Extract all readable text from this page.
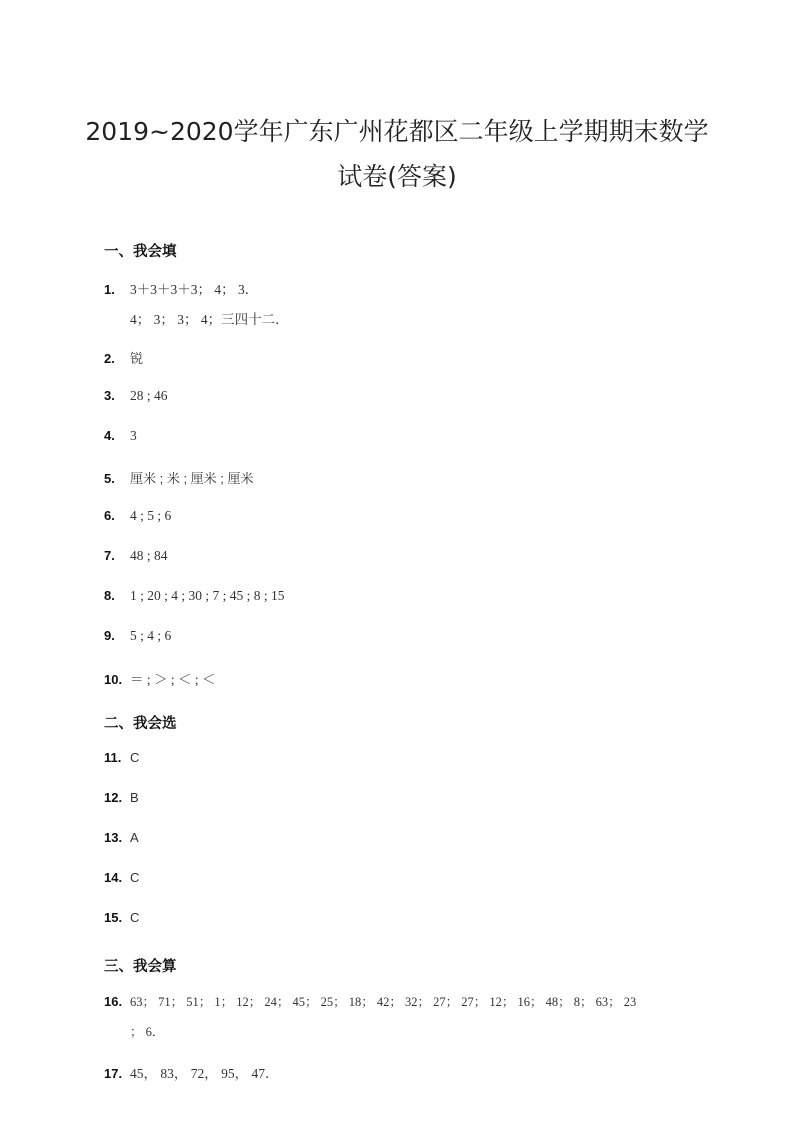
2019~2020学年广东广州花都区二年级上学期期末数学
试卷(答案)
一、我会填
1. 3＋3＋3＋3； 4； 3．
4； 3； 3； 4；三四十二．
2. 锐
3. 28 ; 46
4. 3
5. 厘米 ; 米 ; 厘米 ; 厘米
6. 4 ; 5 ; 6
7. 48 ; 84
8. 1 ; 20 ; 4 ; 30 ; 7 ; 45 ; 8 ; 15
9. 5 ; 4 ; 6
10. ＝ ; ＞ ; ＜ ; ＜
二、我会选
11. C
12. B
13. A
14. C
15. C
三、我会算
16. 63； 71； 51； 1； 12； 24； 45； 25； 18； 42； 32； 27； 27； 12； 16； 48； 8； 63； 23
； 6．
17. 45， 83， 72， 95， 47．
